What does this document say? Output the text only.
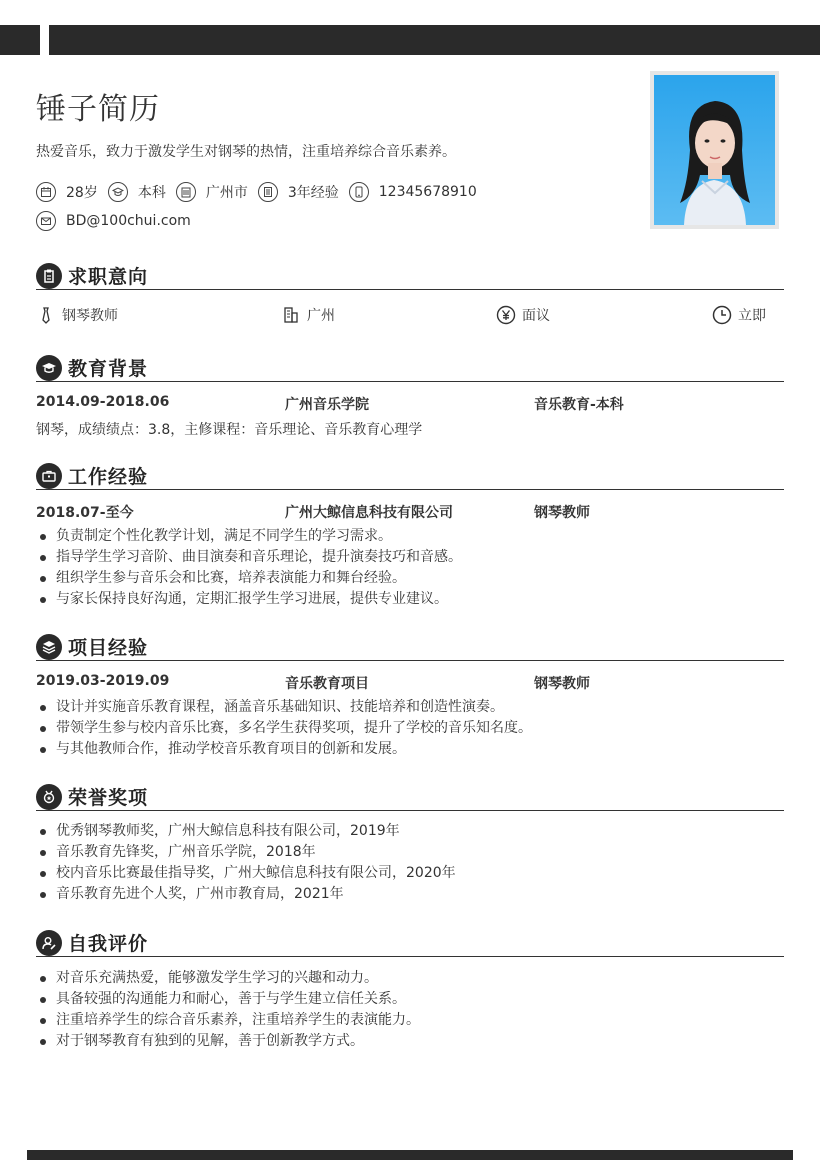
锤子简历
热爱音乐，致力于激发学生对钢琴的热情，注重培养综合音乐素养。
28岁	本科	广州市	3年经验	12345678910
BD@100chui.com
求职意向
钢琴教师	广州	面议	立即
教育背景
2014.09-2018.06	广州音乐学院	音乐教育-本科
钢琴，成绩绩点：3.8，主修课程：音乐理论、音乐教育心理学
工作经验
2018.07-至今	广州大鲸信息科技有限公司	钢琴教师
负责制定个性化教学计划，满足不同学生的学习需求。
指导学生学习音阶、曲目演奏和音乐理论，提升演奏技巧和音感。
组织学生参与音乐会和比赛，培养表演能力和舞台经验。
与家长保持良好沟通，定期汇报学生学习进展，提供专业建议。
项目经验
2019.03-2019.09	音乐教育项目	钢琴教师
设计并实施音乐教育课程，涵盖音乐基础知识、技能培养和创造性演奏。
带领学生参与校内音乐比赛，多名学生获得奖项，提升了学校的音乐知名度。
与其他教师合作，推动学校音乐教育项目的创新和发展。
荣誉奖项
优秀钢琴教师奖，广州大鲸信息科技有限公司，2019年
音乐教育先锋奖，广州音乐学院，2018年
校内音乐比赛最佳指导奖，广州大鲸信息科技有限公司，2020年
音乐教育先进个人奖，广州市教育局，2021年
自我评价
对音乐充满热爱，能够激发学生学习的兴趣和动力。
具备较强的沟通能力和耐心，善于与学生建立信任关系。
注重培养学生的综合音乐素养，注重培养学生的表演能力。
对于钢琴教育有独到的见解，善于创新教学方式。
